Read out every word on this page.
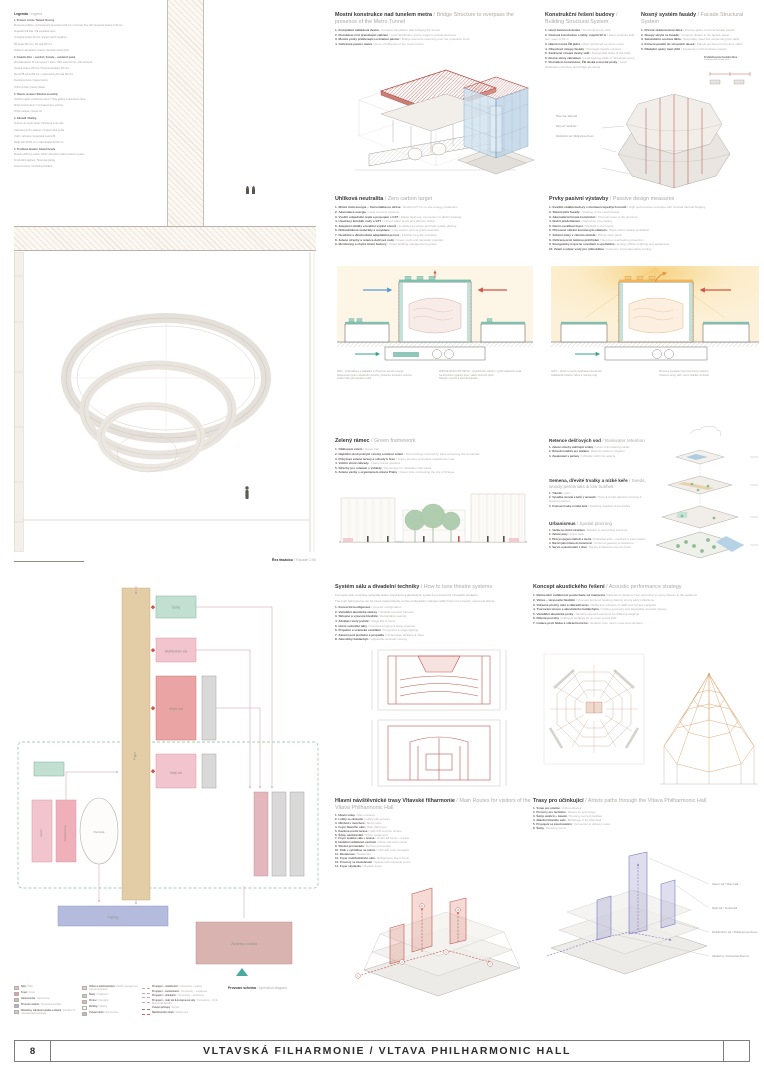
Legenda / Legend
1. Pochozí vrstva / Natural flooring
Betonová podlaha s probroušeným kamenivem 100 mm / Concrete floor with integrated heating in 80 mm
Separační PE fólie / PE separation layer
Kročejová izolace 40 mm / Impact sound insulation
ŽB deska 250 mm / RC slab 250 mm
Podhled s akustickou úpravou / Acoustic ceiling finish
2. Fasádní dílec – sendvič / Facade – sandwich panel
Sklovláknobeton 30 mm kotvený z boku / GRC panel 30 mm, side anchored
Tepelná izolace 200 mm / Thermal insulation 200 mm
Nosná ŽB stěna 250 mm / Load-bearing RC wall 250 mm
Parotěsná vrstva / Vapour barrier
Vnitřní omítka / Interior plaster
3. Okenní sestava / Window assembly
Izolační trojsklo v hliníkovém rámu / Triple glazing in aluminium frame
Skryté kotvení rámu / Concealed frame anchors
Vnitřní parapet / Interior sill
4. Zábradlí / Railing
Kotvené do stropní desky / Anchored to the slab
Válcovaný profil s nátěrem / Coated rolled profile
Výplň z tahokovu / Expanded metal infill
Madlo dub 40×60 mm / Oak handrail 40×60 mm
5. Prosklená fasáda / Glazed facade
Sloupko-příčkový systém, hliník / Aluminium mullion-transom system
Strukturální zasklení / Structural glazing
Kotevní konzoly / Anchoring brackets
Řez fasádou / Facade 1:50
Mostní konstrukce nad tunelem metra / Bridge Structure to overpass the presence of the Metro Tunnel
1.Kompaktní základová deska / Compact foundation slab bridging the tunnel
2.Roznášecí rošt přenášející zatížení / Load distribution grid to support vertical elements
3.Mostní prvky překlenující ochranné pásmo / Bridge elements spanning over the protective zone
4.Ochranné pásmo metra / Zone of influence of the metro tunnel
Konstrukční řešení budovy/ Building Structural System
1.Horní betonová deska / Structural crown slab
2.Ocelová konstrukce s táhly, rozpětí 52 m / Steel structure with ties, span of 52 m
3.Hlavní nosná ŽB jádra / Main reinforced concrete cores
4.Obvodové sloupy fasády / Perimeter facade columns
5.Zavěšené stropní desky sálů / Suspended slabs of the halls
6.Nosné stěny zkušeben / Load-bearing walls of rehearsal rooms
7.Roznášecí konstrukce, ŽB deska a mostní prvky / Load distribution structure and bridge elements
Nosný systém fasády / Facade Structural System
1.Přesné sklobetonové dílce / Precise glass-concrete facade panels
2.Sloupy skryté ve fasádě / Columns hidden in the facade plane
3.Sekundární ocelová táhla / Secondary steel ties suspending the slabs
4.Kotvení panelů do stropních desek / Panels anchored to the floor slabs
5.Dilatační spáry mezi dílci / Expansion joints between panels
Hlavní sál / Main hall
Malý sál / Small hall
Multifunkční sál / Multipurpose Room
Prefabrikované fasádní dílce
Prefabricated facade units
Uhlíková neutralita / Zero carbon target
1.Místní čistá energie – fotovoltaika na střeše / Rooftop PV for on-site energy production
2.Akumulace energie / Heat recovery systems
3.Využití odpadního tepla a propojení s CZT / Waste heat use, connection to district heating
4.Uzavřený koloběh vody a VZT / Closed water loops and efficient HVAC
5.Zateplení obálky a kvalitní výplně otvorů / Insulated envelope and high-quality glazing
6.Nízkouhlíkové materiály a recyklace / Low-carbon and recycled materials
7.Flexibilní a dlouhodobě adaptabilní provoz / Flexible long-life operation
8.Zelené střechy a retence dešťové vody / Green roofs and rainwater retention
9.Monitoring a chytré řízení budovy / Smart building management system
ZIMA – Optimalizace a nakládání s přirozenou sluneční energií
Rekuperace tepla z odpadního vzduchu, předehřev čerstvého vzduchu
Solární zisky jižní fasádou a atrii
ZPĚTNÉ ZÍSKÁVÁNÍ TEPLA – předehřívání vzduchu, využití odpadního tepla
Teplovzdušné vytápění foyer, sálání stropních ploch
Napojení na CZT a tepelná čerpadla
Prvky pasivní výstavby / Passive design measures
1.Kvalitní obálka budovy s minimem tepelných mostů / High performance envelope with minimal thermal bridging
2.Stínění jižní fasády / Shading of the south facade
3.Akumulační hmota konstrukcí / Thermal mass of the structure
4.Noční předchlazení / Night-time pre-cooling
5.Denní osvětlení foyer / Daylight in the foyers
6.Přirozené větrání komínovým efektem / Stack-effect natural ventilation
7.Solární zisky v zimním období / Winter solar gains
8.Ochrana proti letnímu přehřívání / Summer overheating protection
9.Energeticky úsporné osvětlení a spotřebiče / Energy efficient lighting and appliances
10.Zeleň a odpar vody pro mikroklima / Greenery and evaporative cooling
LÉTO – Stínění a noční předchlazení konstrukcí
Adiabatické chlazení zelení a vodními prvky
Přirozené provětrání foyer komínovým efektem
Chlazené stropy sálů, suché chladiče na střeše
Zelený rámec / Green framework
1.Obklopení zelení / Green belt
2.Nejbližší okolí pokryté stromy a nízkou zelení / Surroundings covered by trees screening the crossroad
3.Pobytové zelené terasy a schody k řece / Green terraces and steps towards the river
4.Vnitřní zimní zahrady / Indoor winter gardens
5.Střechy pro relaxaci s výhledy / Roofscape for relaxation with views
6.Zelené vazby s organismem města Prahy / Green links connecting the city of Prague
Retence dešťových vod / Rainwater retention
1.Zelené střechy zadržující srážky / Green roofs retaining rainfall
2.Retenční nádrže pro závlahu / Retention tanks for irrigation
3.Zasakování v parteru / Infiltration within the parterre
Semena, dřevité trvalky a nízké keře / Seeds, woody perennials & low bushes
1.Trávník / Lawn
2.Výsadba stromů a keřů v terasách / Trees & shrubs planted in terraces & flowering patches
3.Kvetoucí louky a nízké keře / Flowering meadows & low bushes
Urbanismus / Spatial planning
1.Vazba na okolní strukturu / Relation to surrounding structures
2.Zelené pásy / Green belts
3.Pěší propojení nábřeží a metra / Pedestrian links – riverbank & metro station
4.Nároží jako brána do Holešovic / Corner as gateway to Holešovice
5.Servis a zásobování z ulice / Service & deliveries from the street
Šatny
Multifunkční sál
Hlavní sál
Malý sál
Foyer
Piazzetta
Parking
Zkušebny a studia
Gastro	Administrativa
Sály / Halls
Foyer / Foyer
Gastronomie / Gastronomy
Provozní zázemí / Operational facilities
Zkušebny, nahrávací studia a zázemí / Facilities for rehearsal and backstage
Vedení a administrativa / Facility management and administration
Šatny / Cloakroom
Provoz / Operation
Parking / Parking
Vstupní terén / Roof terrace
Propojení – návštěvníci / Connectivity – visitors
Propojení – zaměstnanci / Connectivity – employees
Propojení – účinkující / Connectivity – performers
Propojení – malý sál & kongresové sály / Connectivity – CS & Drama hall facilities
Vstupní přístupy / Access
Návštěvnický okruh / Visitors loop
Provozní schéma / Operation diagram
Systém sálu a divadelní techniky / How to tune theatre systems
Koncepce sálu umožňuje nezávislé ladění scénických a akustických systémů pro koncertní i divadelní produkce.
The main hall systems can be tuned independently, so the configuration changes within hours for concerts, opera and drama.
1.Koncertní konfigurace / Concert configuration
2.Variabilní akustické závěsy / Variable acoustic banners
3.Sklopné a výsuvné hlediště / Retractable seating
4.Zdvihací stoly jeviště / Stage lifts & risers
5.Horní scénické tahy / Overhead rigging & flying systems
6.Projekce a scénické osvětlení / Projection & stage lighting
7.Zázemí pod jevištěm a propadla / Understage facilities & traps
8.Akustický baldachýn / Adjustable acoustic canopy
Koncept akustického řešení / Acoustic performance strategy
1.Referenční vzdálenost posluchače od interpreta / Reference distance from performer to every listener in the audience
2.Vinice – terasovité hlediště / Vineyard terraced seating shaping strong early reflections
3.Odrazné plochy stěn a zábradlí teras / Reflective surfaces of walls and terrace parapets
4.Tvarování stropu a akustického baldachýnu / Ceiling geometry and adjustable acoustic canopy
5.Variabilní akustické prvky / Variable acoustic elements for different stagings
6.Difuzní povrchy / Diffusive surfaces for an even sound field
7.Izolace proti hluku a vibracím metra / Isolation from metro noise and vibration
Hlavní návštěvnické trasy Vltavské filharmonie / Main Routes for visitors of the Vltava Philharmonic Hall
1.Hlavní vstup / Main entrance
2.Lobby se zázemím / Lobby with services
3.Obchod s merchem / Merch store
4.Foyer hlavního sálu / Main Hall Foyer
5.Kavárna a letní terasa / Café with summer terrace
6.Šatny návštěvníků / Visitor cloakrooms
7.Foyer malého sálu + terasa / Small Hall Foyer + terrace
8.Hudební vzdělávací centrum / Music education centre
9.Střešní promenáda / Rooftop promenade
10.Klub s vyhlídkou na město / Club with a city viewpoint
11.Restaurace / Restaurant
12.Foyer multifunkčního sálu / Multipurpose Room Foyer
13.Prostory se zkušebnami / Spaces with rehearsal rooms
14.Foyer skydecku / Skydeck Foyer
1
2
4
7
11
14
Trasy pro účinkující / Artists paths through the Vltava Philharmonic Hall
1.Vstup pro umělce / Artists entrance
2.Prostory pro techniku / Spaces for technology
3.Šatny umělců + zázemí / Dressing rooms & facilities
4.Zákulisí hlavního sálu / Backstage of the Main Hall
5.Propojení se zásobováním / Connection to delivery routes
6.Šatny / Dressing rooms
Hlavní sál / Main Hall
Malý sál / Small Hall
Multifunkční sál / Multipurpose Room
Zkušebny / Rehearsal Rooms
8	VLTAVSKÁ FILHARMONIE / VLTAVA PHILHARMONIC HALL
